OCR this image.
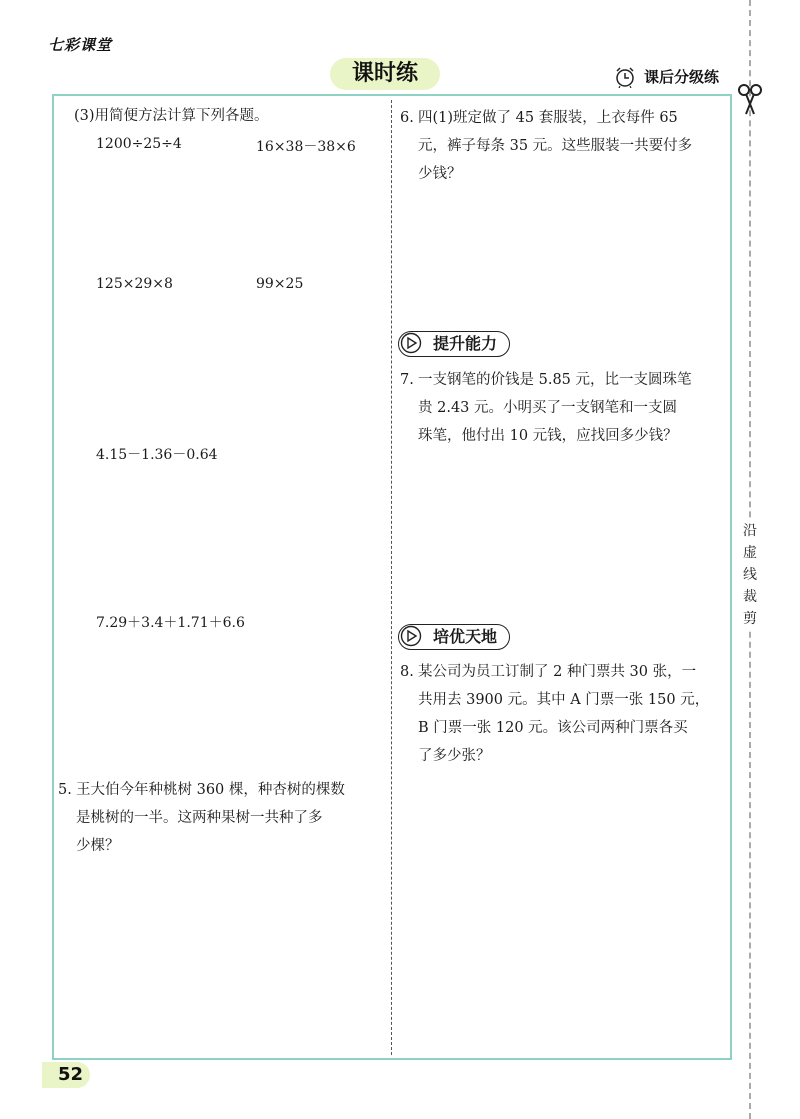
七彩课堂
课时练	课后分级练
沿虚线裁剪
(3)用简便方法计算下列各题。
1200÷25÷4	16×38－38×6
125×29×8	99×25
4.15－1.36－0.64
7.29＋3.4＋1.71＋6.6
5. 王大伯今年种桃树 360 棵，种杏树的棵数
是桃树的一半。这两种果树一共种了多
少棵？
6. 四(1)班定做了 45 套服装，上衣每件 65
元，裤子每条 35 元。这些服装一共要付多
少钱？
提升能力
7. 一支钢笔的价钱是 5.85 元，比一支圆珠笔
贵 2.43 元。小明买了一支钢笔和一支圆
珠笔，他付出 10 元钱，应找回多少钱？
培优天地
8. 某公司为员工订制了 2 种门票共 30 张，一
共用去 3900 元。其中 A 门票一张 150 元，
B 门票一张 120 元。该公司两种门票各买
了多少张？
52
